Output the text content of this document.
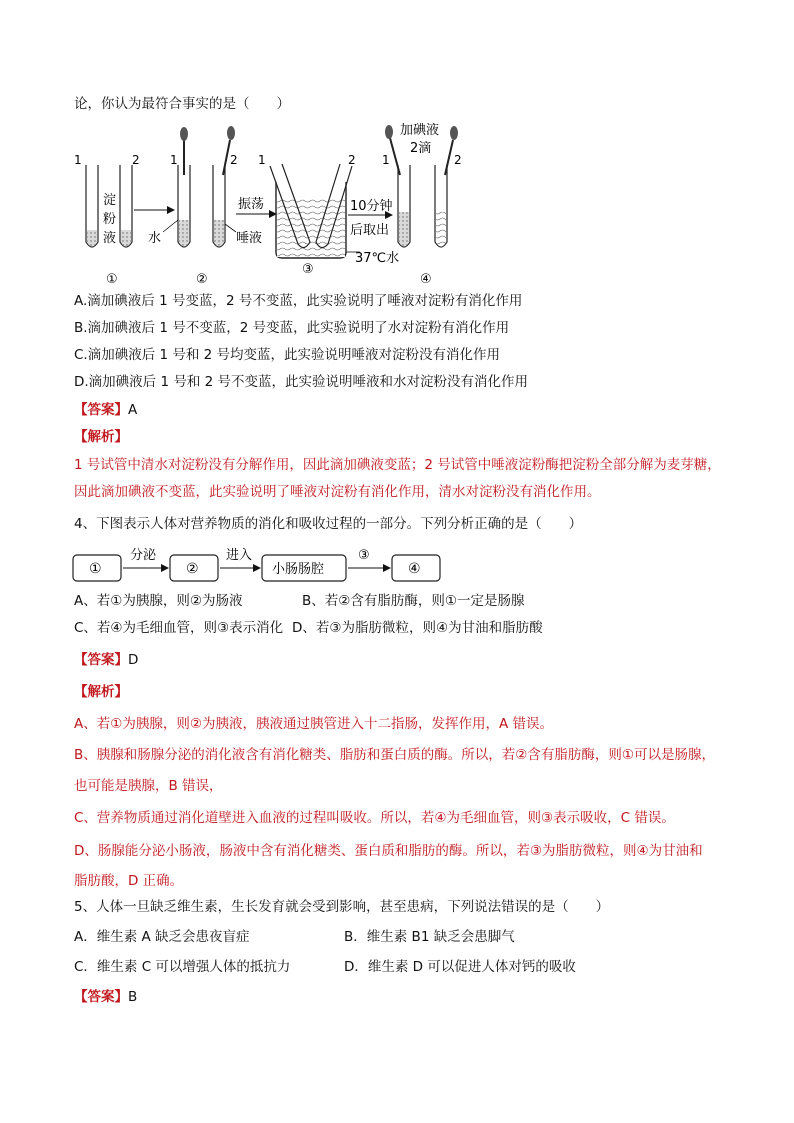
论，你认为最符合事实的是（　　）
1	2
淀
粉
液
①
1	2
水	唾液
②
振荡
1	2
③
37℃水
10分钟
后取出
加碘液
2滴
1	2
④
A.滴加碘液后 1 号变蓝，2 号不变蓝，此实验说明了唾液对淀粉有消化作用
B.滴加碘液后 1 号不变蓝，2 号变蓝，此实验说明了水对淀粉有消化作用
C.滴加碘液后 1 号和 2 号均变蓝，此实验说明唾液对淀粉没有消化作用
D.滴加碘液后 1 号和 2 号不变蓝，此实验说明唾液和水对淀粉没有消化作用
【答案】A
【解析】
1 号试管中清水对淀粉没有分解作用，因此滴加碘液变蓝；2 号试管中唾液淀粉酶把淀粉全部分解为麦芽糖，
因此滴加碘液不变蓝，此实验说明了唾液对淀粉有消化作用，清水对淀粉没有消化作用。
4、下图表示人体对营养物质的消化和吸收过程的一部分。下列分析正确的是（　　）
①
分泌
②
进入
小肠肠腔
③
④
A、若①为胰腺，则②为肠液	B、若②含有脂肪酶，则①一定是肠腺
C、若④为毛细血管，则③表示消化 D、若③为脂肪微粒，则④为甘油和脂肪酸
【答案】D
【解析】
A、若①为胰腺，则②为胰液，胰液通过胰管进入十二指肠，发挥作用，A 错误。
B、胰腺和肠腺分泌的消化液含有消化糖类、脂肪和蛋白质的酶。所以，若②含有脂肪酶，则①可以是肠腺，
也可能是胰腺，B 错误，
C、营养物质通过消化道壁进入血液的过程叫吸收。所以，若④为毛细血管，则③表示吸收，C 错误。
D、肠腺能分泌小肠液，肠液中含有消化糖类、蛋白质和脂肪的酶。所以，若③为脂肪微粒，则④为甘油和
脂肪酸，D 正确。
5、人体一旦缺乏维生素，生长发育就会受到影响，甚至患病，下列说法错误的是（　　）
A．维生素 A 缺乏会患夜盲症	B．维生素 B1 缺乏会患脚气
C．维生素 C 可以增强人体的抵抗力	D．维生素 D 可以促进人体对钙的吸收
【答案】B
